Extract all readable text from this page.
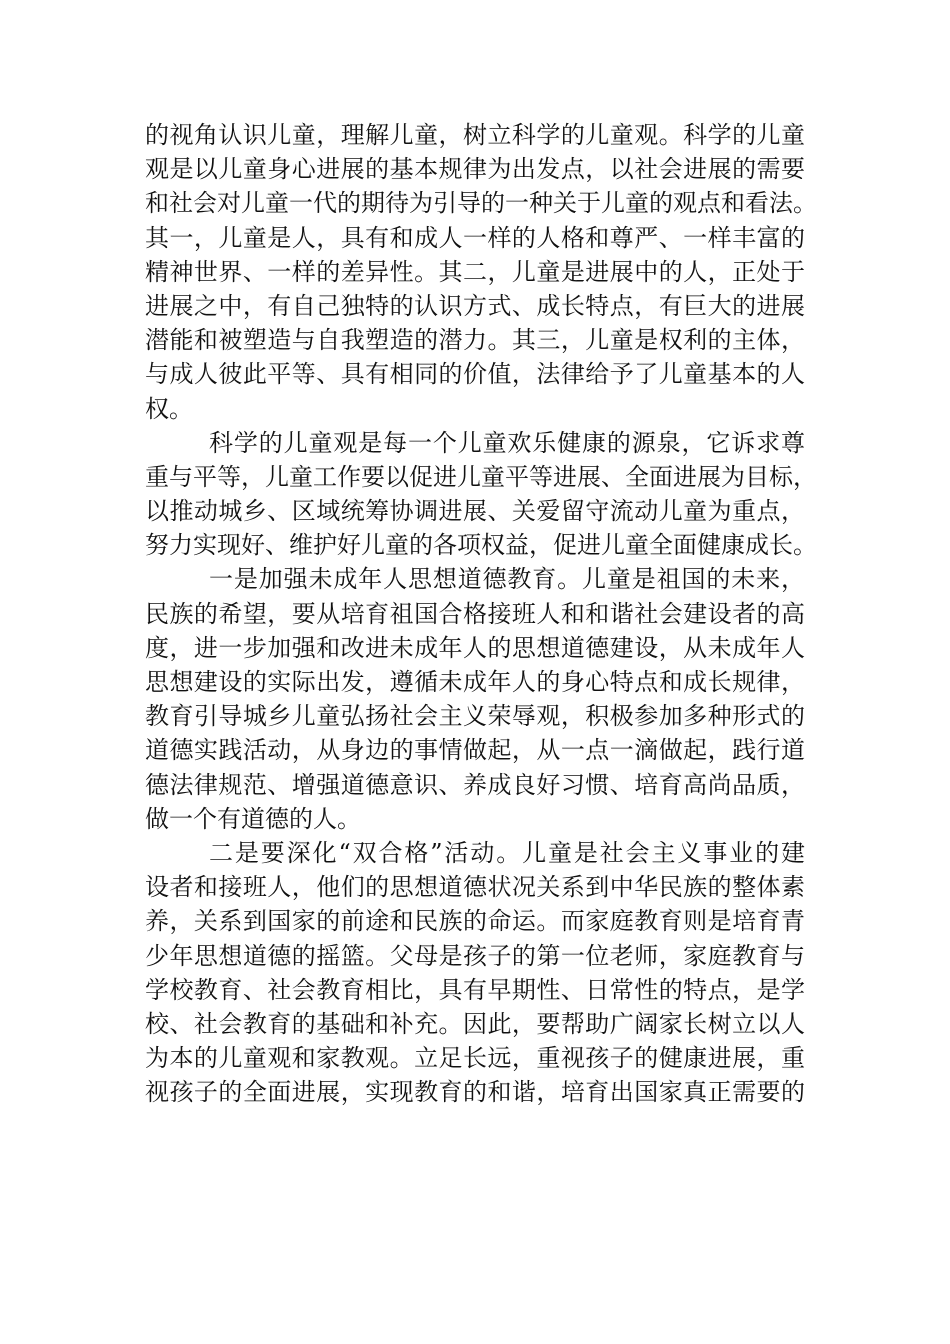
的视角认识儿童，理解儿童，树立科学的儿童观。科学的儿童
观是以儿童身心进展的基本规律为出发点，以社会进展的需要
和社会对儿童一代的期待为引导的一种关于儿童的观点和看法。
其一，儿童是人，具有和成人一样的人格和尊严、一样丰富的
精神世界、一样的差异性。其二，儿童是进展中的人，正处于
进展之中，有自己独特的认识方式、成长特点，有巨大的进展
潜能和被塑造与自我塑造的潜力。其三，儿童是权利的主体，
与成人彼此平等、具有相同的价值，法律给予了儿童基本的人
权。
科学的儿童观是每一个儿童欢乐健康的源泉，它诉求尊
重与平等，儿童工作要以促进儿童平等进展、全面进展为目标，
以推动城乡、区域统筹协调进展、关爱留守流动儿童为重点，
努力实现好、维护好儿童的各项权益，促进儿童全面健康成长。
一是加强未成年人思想道德教育。儿童是祖国的未来，
民族的希望，要从培育祖国合格接班人和和谐社会建设者的高
度，进一步加强和改进未成年人的思想道德建设，从未成年人
思想建设的实际出发，遵循未成年人的身心特点和成长规律，
教育引导城乡儿童弘扬社会主义荣辱观，积极参加多种形式的
道德实践活动，从身边的事情做起，从一点一滴做起，践行道
德法律规范、增强道德意识、养成良好习惯、培育高尚品质，
做一个有道德的人。
二是要深化“双合格”活动。儿童是社会主义事业的建
设者和接班人，他们的思想道德状况关系到中华民族的整体素
养，关系到国家的前途和民族的命运。而家庭教育则是培育青
少年思想道德的摇篮。父母是孩子的第一位老师，家庭教育与
学校教育、社会教育相比，具有早期性、日常性的特点，是学
校、社会教育的基础和补充。因此，要帮助广阔家长树立以人
为本的儿童观和家教观。立足长远，重视孩子的健康进展，重
视孩子的全面进展，实现教育的和谐，培育出国家真正需要的
